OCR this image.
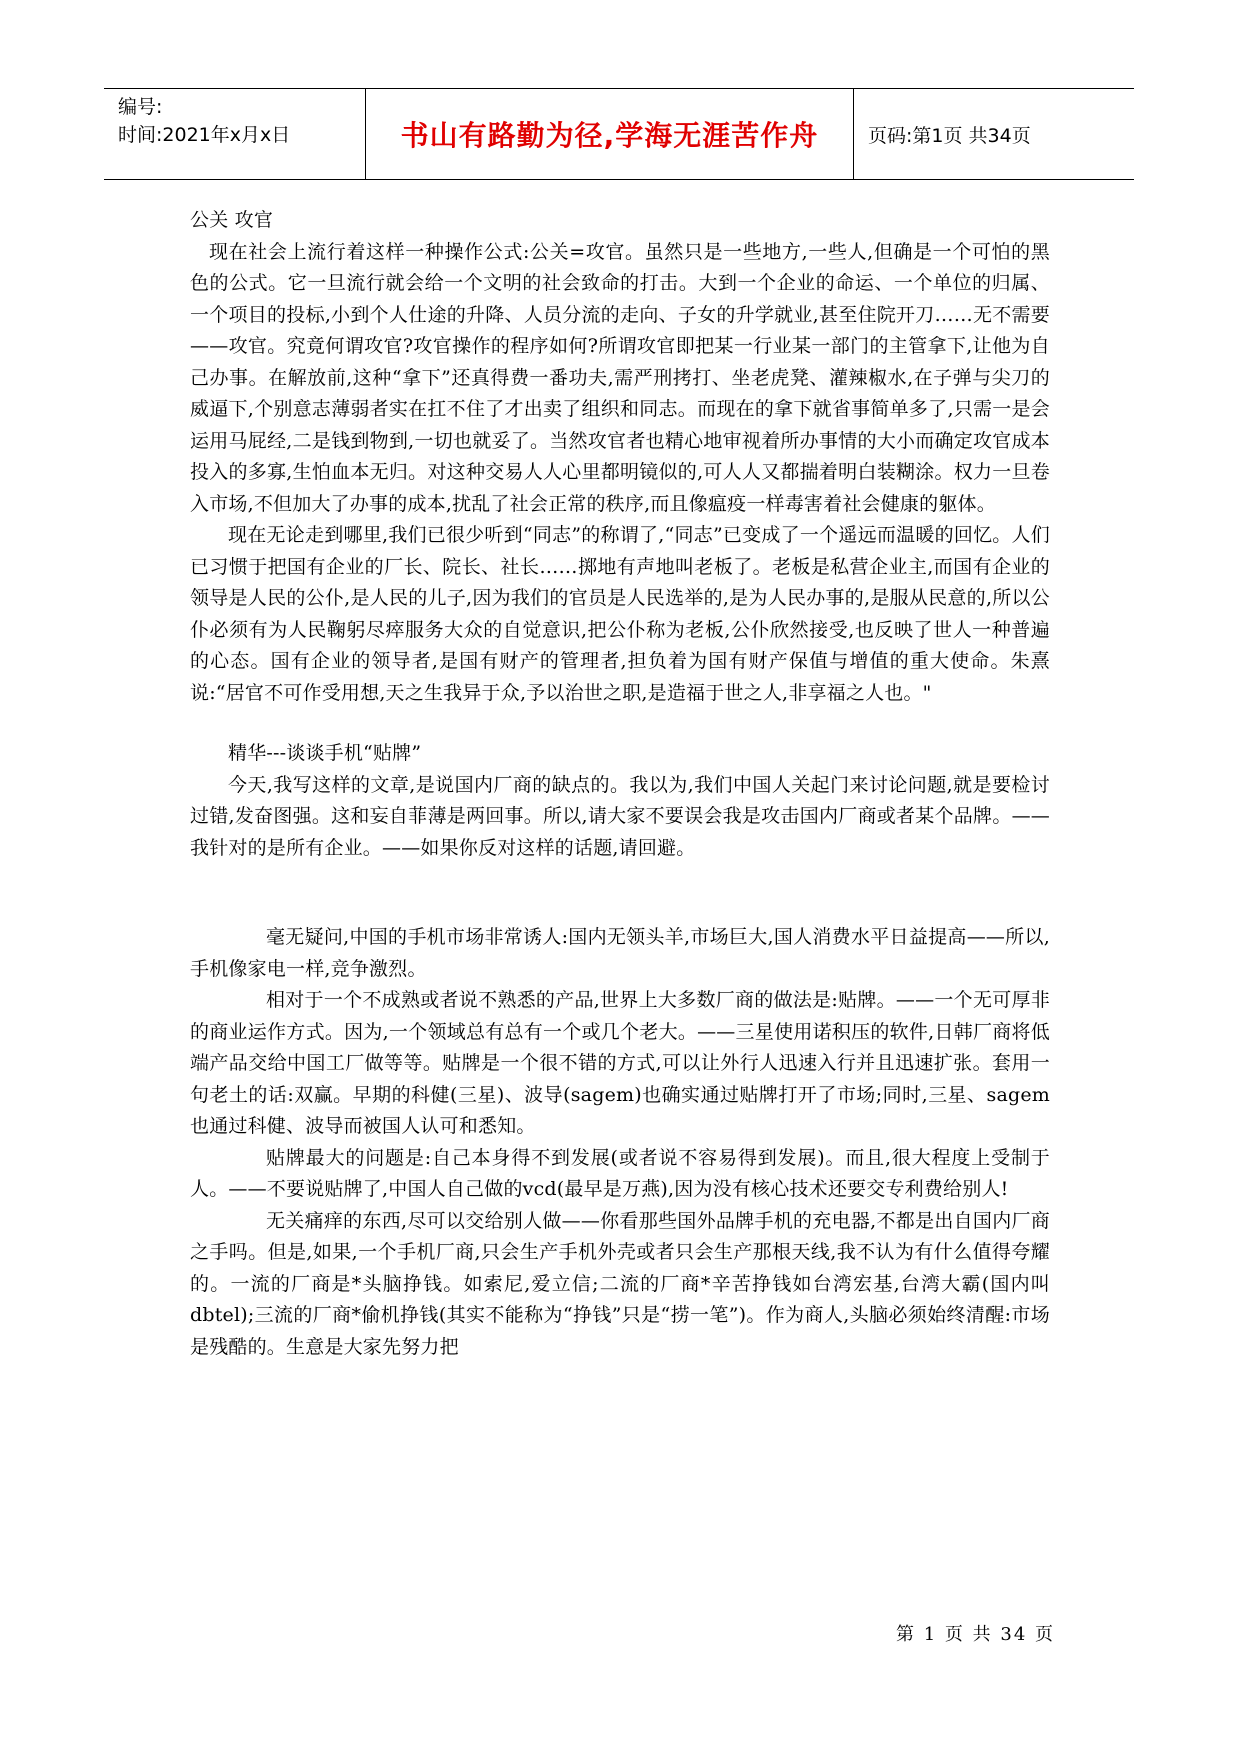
编号:
时间:2021年x月x日	书山有路勤为径,学海无涯苦作舟	页码:第1页 共34页

公关 攻官

现在社会上流行着这样一种操作公式:公关=攻官。虽然只是一些地方,一些人,但确是一个可怕的黑色的公式。它一旦流行就会给一个文明的社会致命的打击。大到一个企业的命运、一个单位的归属、一个项目的投标,小到个人仕途的升降、人员分流的走向、子女的升学就业,甚至住院开刀……无不需要——攻官。究竟何谓攻官?攻官操作的程序如何?所谓攻官即把某一行业某一部门的主管拿下,让他为自己办事。在解放前,这种“拿下”还真得费一番功夫,需严刑拷打、坐老虎凳、灌辣椒水,在子弹与尖刀的威逼下,个别意志薄弱者实在扛不住了才出卖了组织和同志。而现在的拿下就省事简单多了,只需一是会运用马屁经,二是钱到物到,一切也就妥了。当然攻官者也精心地审视着所办事情的大小而确定攻官成本投入的多寡,生怕血本无归。对这种交易人人心里都明镜似的,可人人又都揣着明白装糊涂。权力一旦卷入市场,不但加大了办事的成本,扰乱了社会正常的秩序,而且像瘟疫一样毒害着社会健康的躯体。

现在无论走到哪里,我们已很少听到“同志”的称谓了,“同志”已变成了一个遥远而温暖的回忆。人们已习惯于把国有企业的厂长、院长、社长……掷地有声地叫老板了。老板是私营企业主,而国有企业的领导是人民的公仆,是人民的儿子,因为我们的官员是人民选举的,是为人民办事的,是服从民意的,所以公仆必须有为人民鞠躬尽瘁服务大众的自觉意识,把公仆称为老板,公仆欣然接受,也反映了世人一种普遍的心态。国有企业的领导者,是国有财产的管理者,担负着为国有财产保值与增值的重大使命。朱熹说:“居官不可作受用想,天之生我异于众,予以治世之职,是造福于世之人,非享福之人也。"

精华---谈谈手机“贴牌”

今天,我写这样的文章,是说国内厂商的缺点的。我以为,我们中国人关起门来讨论问题,就是要检讨过错,发奋图强。这和妄自菲薄是两回事。所以,请大家不要误会我是攻击国内厂商或者某个品牌。——我针对的是所有企业。——如果你反对这样的话题,请回避。

毫无疑问,中国的手机市场非常诱人:国内无领头羊,市场巨大,国人消费水平日益提高——所以,手机像家电一样,竞争激烈。

相对于一个不成熟或者说不熟悉的产品,世界上大多数厂商的做法是:贴牌。——一个无可厚非的商业运作方式。因为,一个领域总有总有一个或几个老大。——三星使用诺积压的软件,日韩厂商将低端产品交给中国工厂做等等。贴牌是一个很不错的方式,可以让外行人迅速入行并且迅速扩张。套用一句老土的话:双赢。早期的科健(三星)、波导(sagem)也确实通过贴牌打开了市场;同时,三星、sagem也通过科健、波导而被国人认可和悉知。

贴牌最大的问题是:自己本身得不到发展(或者说不容易得到发展)。而且,很大程度上受制于人。——不要说贴牌了,中国人自己做的vcd(最早是万燕),因为没有核心技术还要交专利费给别人!

无关痛痒的东西,尽可以交给别人做——你看那些国外品牌手机的充电器,不都是出自国内厂商之手吗。但是,如果,一个手机厂商,只会生产手机外壳或者只会生产那根天线,我不认为有什么值得夸耀的。一流的厂商是*头脑挣钱。如索尼,爱立信;二流的厂商*辛苦挣钱如台湾宏基,台湾大霸(国内叫dbtel);三流的厂商*偷机挣钱(其实不能称为“挣钱”只是“捞一笔”)。作为商人,头脑必须始终清醒:市场是残酷的。生意是大家先努力把

第 1 页 共 34 页
